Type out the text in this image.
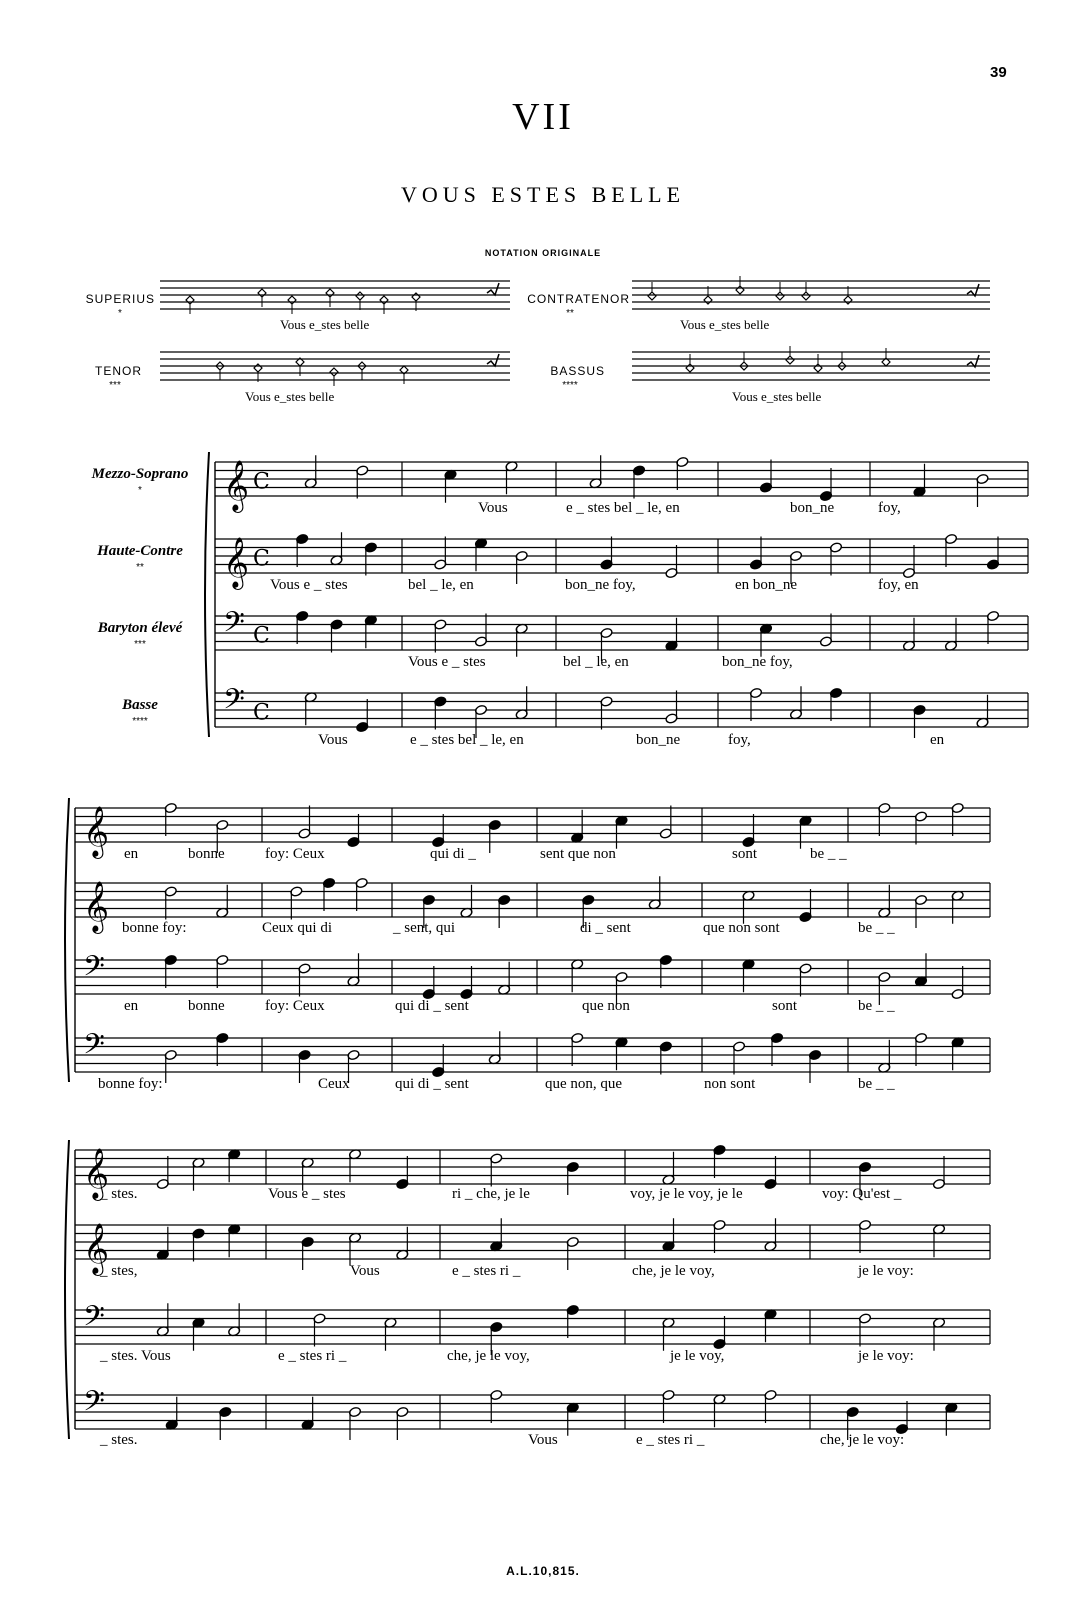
39
VII
VOUS ESTES BELLE
NOTATION ORIGINALE
SUPERIUS
*
CONTRATENOR
**
TENOR
***
BASSUS
****
Vous e_stes belle	Vous e_stes belle
Vous e_stes belle	Vous e_stes belle
Mezzo-Soprano
*
Haute-Contre
**
Baryton élevé
***
Basse
****
𝄞 C
𝄞 C
𝄢 C
𝄢 C
𝄞
𝄞
𝄢
𝄢
𝄞
𝄞
𝄢
𝄢
Vous	e _ stes bel _ le, en	bon_ne	foy,
Vous e _ stes	bel _ le, en	bon_ne foy,	en bon_ne	foy, en
Vous e _ stes	bel _ le, en	bon_ne foy,
Vous	e _ stes bel _ le, en	bon_ne	foy,	en
en	bonne	foy: Ceux	qui di _	sent que non	sont	be _ _
bonne foy:	Ceux qui di	_ sent, qui	di _ sent	que non sont	be _ _
en	bonne	foy: Ceux	qui di _ sent	que non	sont	be _ _
bonne foy:	Ceux	qui di _ sent	que non, que	non sont	be _ _
_ stes.	Vous e _ stes	ri _ che, je le	voy, je le voy, je le	voy: Qu'est _
_ stes,	Vous	e _ stes ri _	che, je le voy,	je le voy:
_ stes. Vous	e _ stes ri _	che, je le voy,	je le voy,	je le voy:
_ stes.	Vous	e _ stes ri _	che, je le voy:
A.L.10,815.
